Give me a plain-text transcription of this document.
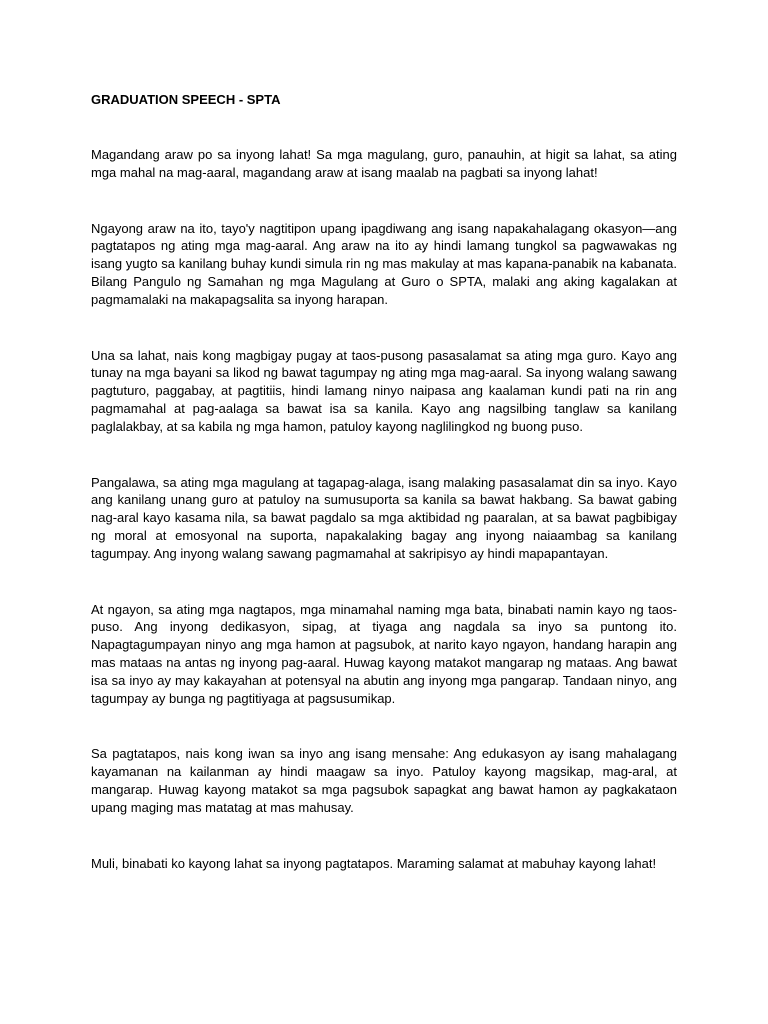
GRADUATION SPEECH - SPTA

Magandang araw po sa inyong lahat! Sa mga magulang, guro, panauhin, at higit sa lahat, sa ating mga mahal na mag-aaral, magandang araw at isang maalab na pagbati sa inyong lahat!

Ngayong araw na ito, tayo'y nagtitipon upang ipagdiwang ang isang napakahalagang okasyon—ang pagtatapos ng ating mga mag-aaral. Ang araw na ito ay hindi lamang tungkol sa pagwawakas ng isang yugto sa kanilang buhay kundi simula rin ng mas makulay at mas kapana-panabik na kabanata. Bilang Pangulo ng Samahan ng mga Magulang at Guro o SPTA, malaki ang aking kagalakan at pagmamalaki na makapagsalita sa inyong harapan.

Una sa lahat, nais kong magbigay pugay at taos-pusong pasasalamat sa ating mga guro. Kayo ang tunay na mga bayani sa likod ng bawat tagumpay ng ating mga mag-aaral. Sa inyong walang sawang pagtuturo, paggabay, at pagtitiis, hindi lamang ninyo naipasa ang kaalaman kundi pati na rin ang pagmamahal at pag-aalaga sa bawat isa sa kanila. Kayo ang nagsilbing tanglaw sa kanilang paglalakbay, at sa kabila ng mga hamon, patuloy kayong naglilingkod ng buong puso.

Pangalawa, sa ating mga magulang at tagapag-alaga, isang malaking pasasalamat din sa inyo. Kayo ang kanilang unang guro at patuloy na sumusuporta sa kanila sa bawat hakbang. Sa bawat gabing nag-aral kayo kasama nila, sa bawat pagdalo sa mga aktibidad ng paaralan, at sa bawat pagbibigay ng moral at emosyonal na suporta, napakalaking bagay ang inyong naiaambag sa kanilang tagumpay. Ang inyong walang sawang pagmamahal at sakripisyo ay hindi mapapantayan.

At ngayon, sa ating mga nagtapos, mga minamahal naming mga bata, binabati namin kayo ng taos-puso. Ang inyong dedikasyon, sipag, at tiyaga ang nagdala sa inyo sa puntong ito. Napagtagumpayan ninyo ang mga hamon at pagsubok, at narito kayo ngayon, handang harapin ang mas mataas na antas ng inyong pag-aaral. Huwag kayong matakot mangarap ng mataas. Ang bawat isa sa inyo ay may kakayahan at potensyal na abutin ang inyong mga pangarap. Tandaan ninyo, ang tagumpay ay bunga ng pagtitiyaga at pagsusumikap.

Sa pagtatapos, nais kong iwan sa inyo ang isang mensahe: Ang edukasyon ay isang mahalagang kayamanan na kailanman ay hindi maagaw sa inyo. Patuloy kayong magsikap, mag-aral, at mangarap. Huwag kayong matakot sa mga pagsubok sapagkat ang bawat hamon ay pagkakataon upang maging mas matatag at mas mahusay.

Muli, binabati ko kayong lahat sa inyong pagtatapos. Maraming salamat at mabuhay kayong lahat!
